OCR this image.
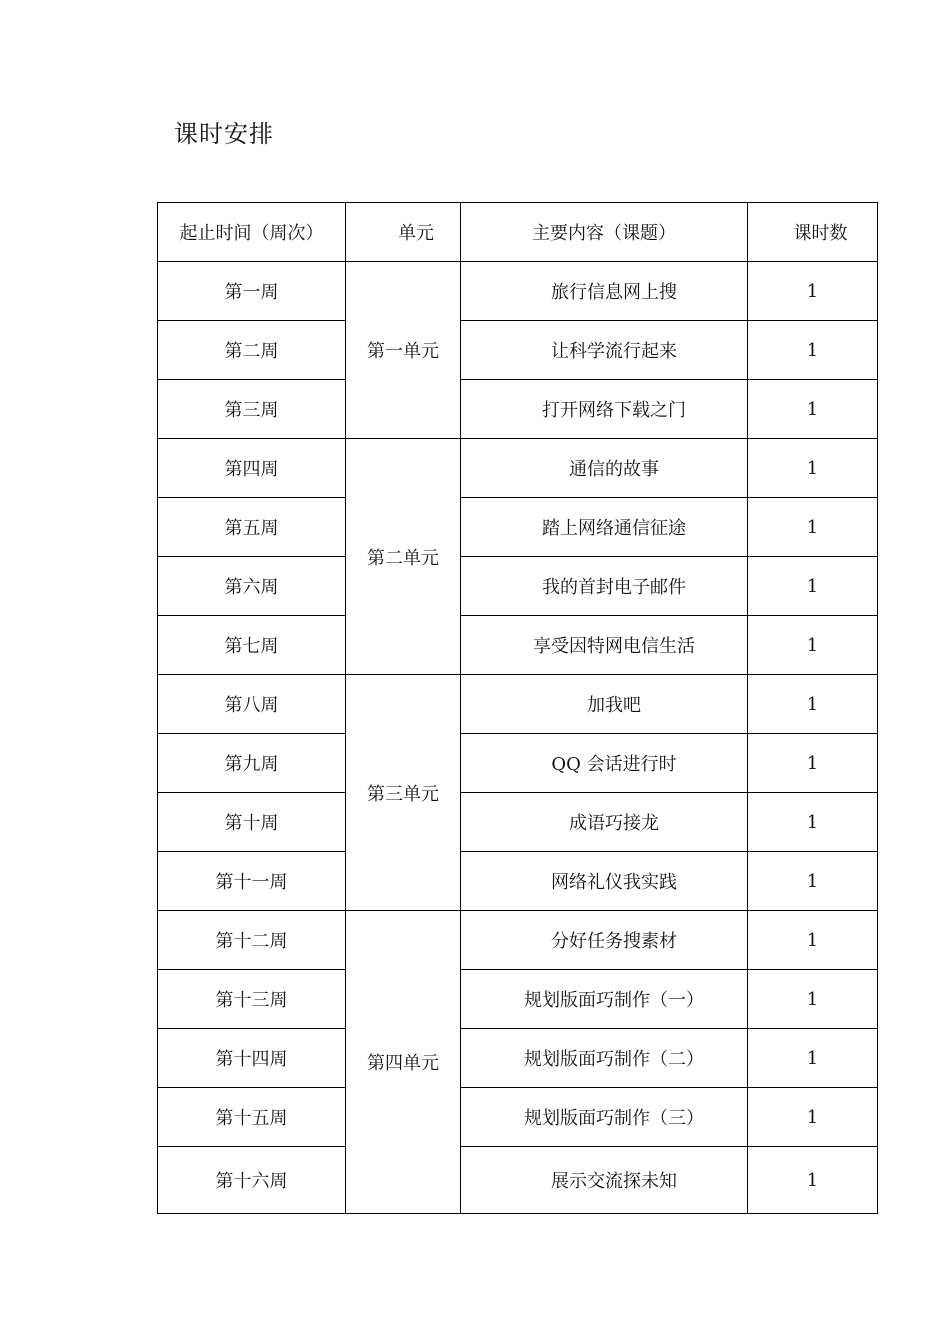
课时安排
起止时间（周次）	单元	主要内容（课题）	课时数
第一周	第一单元	旅行信息网上搜	1
第二周		让科学流行起来	1
第三周		打开网络下载之门	1
第四周	第二单元	通信的故事	1
第五周		踏上网络通信征途	1
第六周		我的首封电子邮件	1
第七周		享受因特网电信生活	1
第八周	第三单元	加我吧	1
第九周		QQ 会话进行时	1
第十周		成语巧接龙	1
第十一周		网络礼仪我实践	1
第十二周	第四单元	分好任务搜素材	1
第十三周		规划版面巧制作（一）	1
第十四周		规划版面巧制作（二）	1
第十五周		规划版面巧制作（三）	1
第十六周		展示交流探未知	1
